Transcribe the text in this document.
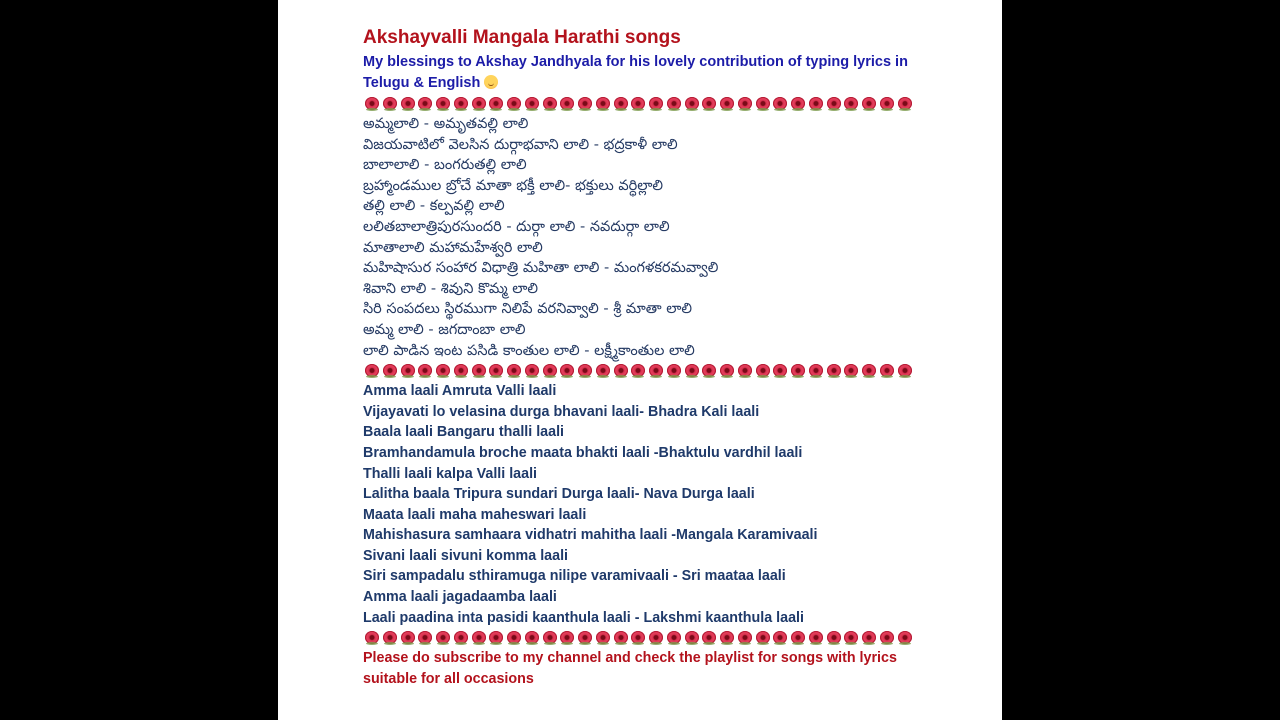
Akshayvalli Mangala Harathi songs

My blessings to Akshay Jandhyala for his lovely contribution of typing lyrics in Telugu & English

అమ్మలాలి - అమృతవల్లి లాలి
విజయవాటిలో వెలసిన దుర్గాభవాని లాలి - భద్రకాళీ లాలి
బాలాలాలి - బంగరుతల్లి లాలి
బ్రహ్మాండముల బ్రోచే మాతా భక్తీ లాలి- భక్తులు వర్ధిల్లాలి
తల్లి లాలి - కల్పవల్లి లాలి
లలితబాలాత్రిపురసుందరి - దుర్గా లాలి - నవదుర్గా లాలి
మాతాలాలి మహామహేశ్వరి లాలి
మహిషాసుర సంహార విధాత్రి మహితా లాలి - మంగళకరమవ్వాలి
శివాని లాలి - శివుని కొమ్మ లాలి
సిరి సంపదలు స్థిరముగా నిలిపే వరనివ్వాలి - శ్రీ మాతా లాలి
అమ్మ లాలి - జగదాంబా లాలి
లాలి పాడిన ఇంట పసిడి కాంతుల లాలి - లక్ష్మీకాంతుల లాలి
Amma laali Amruta Valli laali
Vijayavati lo velasina durga bhavani laali- Bhadra Kali laali
Baala laali Bangaru thalli laali
Bramhandamula broche maata bhakti laali -Bhaktulu vardhil laali
Thalli laali kalpa Valli laali
Lalitha baala Tripura sundari Durga laali- Nava Durga laali
Maata laali maha maheswari laali
Mahishasura samhaara vidhatri mahitha laali -Mangala Karamivaali
Sivani laali sivuni komma laali
Siri sampadalu sthiramuga nilipe varamivaali - Sri maataa laali
Amma laali jagadaamba laali
Laali paadina inta pasidi kaanthula laali - Lakshmi kaanthula laali

Please do subscribe to my channel and check the playlist for songs with lyrics suitable for all occasions
